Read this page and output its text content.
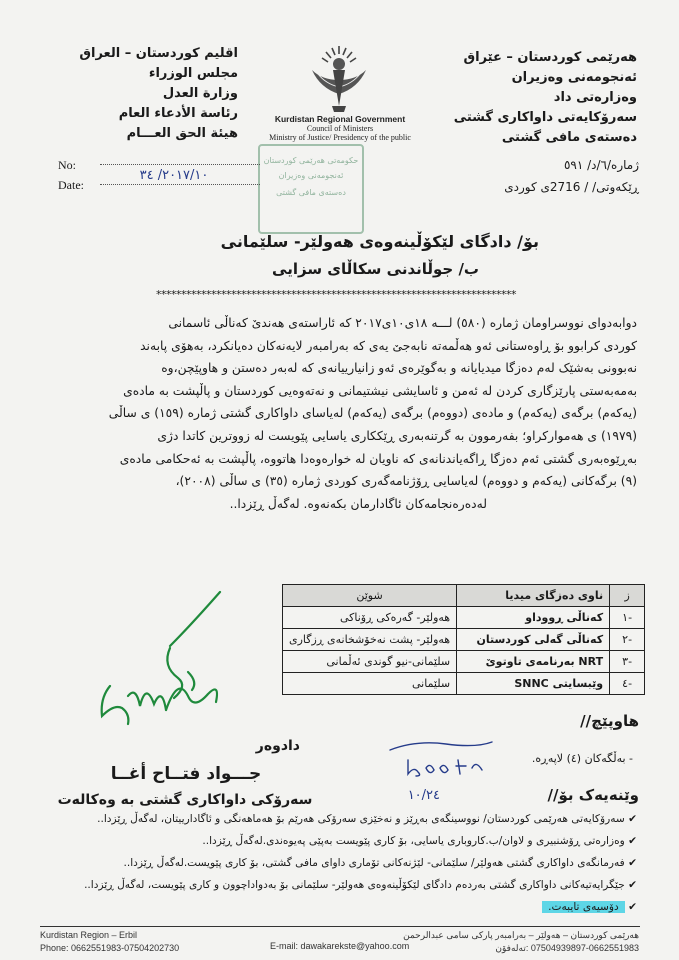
هەرێمی کوردستان – عێراق
ئەنجومەنی وەزیران
وەزارەتی داد
سەرۆکایەتی داواکاری گشتی
دەستەی مافی گشتی
اقليم كوردستان – العراق
مجلس الوزراء
وزارة العدل
رئاسة الأدعاء العام
هيئة الحق العـــام
Kurdistan Regional Government
Council of Ministers
Ministry of Justice/ Presidency of the public
حکومەتی هەرێمی کوردستان
ئەنجومەنی وەزیران
دەستەی مافی گشتی
No:
Date:
٢٠١٧/١٠/ ٣٤
ژمارە/٦/د/ ٥٩١
ڕێکەوتی/ / 2716ی کوردی
بۆ/ دادگای لێکۆڵینەوەی هەولێر- سلێمانی
ب/ جوڵاندنی سکاڵای سزایی
************************************************************************
دوابەدوای نووسراومان ژمارە (٥٨٠) لـــە ١٨ی١٠ی٢٠١٧ کە ئاراستەی هەندێ کەناڵی ئاسمانی
کوردی کرابوو بۆ ڕاوەستانی ئەو هەڵمەتە نابەجێ یەی کە بەرامبەر لایەنەکان دەیانکرد، بەهۆی پابەند
نەبوونی بەشێک لەم دەزگا میدیایانە و بەگوێرەی ئەو زانیارییانەی کە لەبەر دەستن و هاوپێچن،وە
بەمەبەستی پارێزگاری کردن لە ئەمن و ئاسایشی نیشتیمانی و نەتەوەیی کوردستان و پاڵپشت بە مادەی
(یەکەم) برگەی (یەکەم) و مادەی (دووەم) برگەی (یەکەم) لەیاسای داواکاری گشتی ژمارە (١٥٩) ی ساڵی
(١٩٧٩) ی هەمواركراو؛ بفەرموون بە گرتنەبەری ڕێککاری یاسایی پێویست لە زووترین کاتدا دژی
بەڕێوەبەری گشتی ئەم دەزگا ڕاگەیاندنانەی کە ناویان لە خوارەوەدا هاتووە، پاڵپشت بە ئەحکامی مادەی
(٩) برگەکانی (یەکەم و دووەم) لەیاسایی ڕۆژنامەگەری کوردی ژمارە (٣٥) ی ساڵی (٢٠٠٨)،
لەدەرەنجامەکان ئاگادارمان بکەنەوە. لەگەڵ ڕێزدا..
ز	ناوی دەزگای میدیا	شوێن
-١	کەناڵی ڕووداو	هەولێر- گەرەکی ڕۆناکی
-٢	کەناڵی گەلی کوردستان	هەولێر- پشت نەخۆشخانەی ڕزگاری
-٣	NRT بەرنامەی تاوتوێ	سلێمانی-نیو گوندی ئەڵمانی
-٤	وێبسایتی SNNC	سلێمانی
دادوەر
جـــواد فتــاح أغــا
سەرۆکی داواکاری گشتی بە وەکالەت
هاوپێچ//
- بەڵگەکان (٤) لاپەڕە.
١٠/٢٤	وێنەیەک بۆ//
✔ سەرۆکایەتی هەرێمی کوردستان/ نووسینگەی بەڕێز و نەخێزی سەرۆکی هەرێم بۆ هەماهەنگی و ئاگادارییتان، لەگەڵ ڕێزدا..
✔ وەزارەتی ڕۆشنبیری و لاوان/ب.کاروباری یاسایی، بۆ کاری پێویست بەپێی پەیوەندی.لەگەڵ ڕێزدا..
✔ فەرمانگەی داواکاری گشتی هەولێر/ سلێمانی- لێژنەکانی تۆماری داوای مافی گشتی، بۆ کاری پێویست.لەگەڵ ڕێزدا..
✔ جێگرایەتیەکانی داواکاری گشتی بەردەم دادگای لێکۆڵینەوەی هەولێر- سلێمانی بۆ بەدواداچوون و کاری پێویست، لەگەڵ ڕێزدا..
✔ دۆسیەی تایبەت.
Kurdistan Region – Erbil
Phone: 0662551983-07504202730	E-mail: dawakarekste@yahoo.com
هەرێمی کوردستان – هەولێر – بەرامبەر پارکی سامی عبدالرحمن
07504939897-0662551983 :تەلەفۆن
